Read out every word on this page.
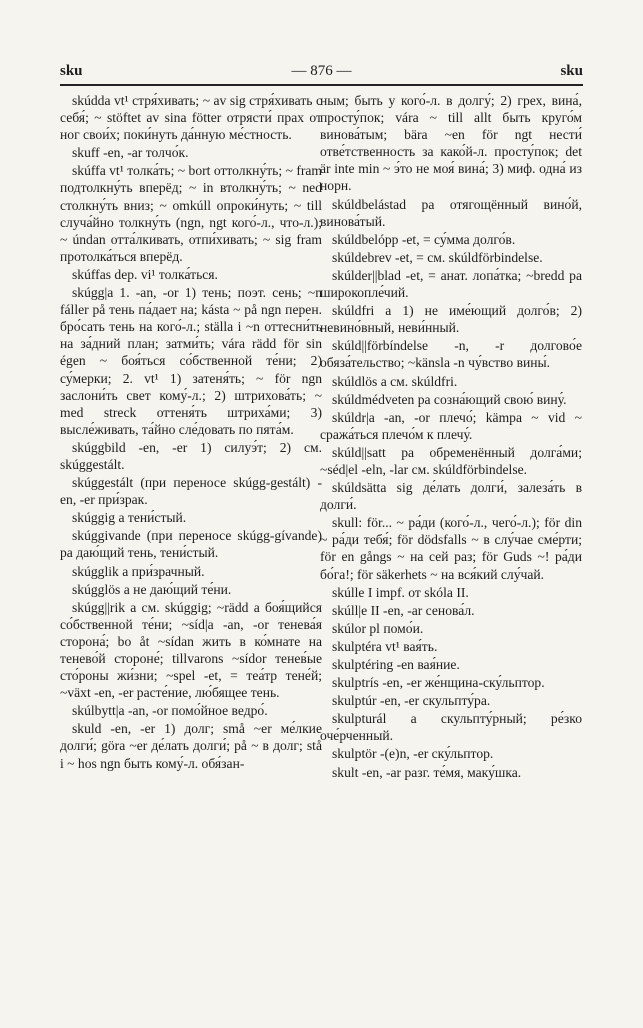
sku	— 876 —	sku

skúdda vt¹ стря́хивать; ~ av sig стря́хивать с себя́; ~ stöftet av sina fötter отрясти́ прах от ног свои́х; поки́нуть да́нную ме́стность.

skuff -en, -ar толчо́к.

skúffa vt¹ толка́ть; ~ bort оттолкну́ть; ~ fram подтолкну́ть вперёд; ~ in втолкну́ть; ~ ned столкну́ть вниз; ~ omkúll опроки́нуть; ~ till случа́йно толкну́ть (ngn, ngt кого́-л., что-л.); ~ úndan отта́лкивать, отпи́хивать; ~ sig fram протолка́ться вперёд.

skúffas dep. vi¹ толка́ться.

skúgg|a 1. -an, -or 1) тень; поэт. сень; ~n fáller på тень па́дает на; kásta ~ på ngn перен. бро́сать тень на кого́-л.; ställa i ~n оттесни́ть на за́дний план; затми́ть; vára rädd för sin égen ~ боя́ться со́бственной те́ни; 2) су́мерки; 2. vt¹ 1) затеня́ть; ~ för ngn заслони́ть свет кому́-л.; 2) штрихова́ть; ~ med streck оттеня́ть штриха́ми; 3) высле́живать, та́йно сле́довать по пята́м.

skúggbild -en, -er 1) силуэ́т; 2) см. skúggestált.

skúggestált (при переносе skúgg-gestált) -en, -er при́зрак.

skúggig a тени́стый.

skúggivande (при переносе skúgg-gívande) pa даю́щий тень, тени́стый.

skúgglik a при́зрачный.

skúgglös a не даю́щий те́ни.

skúgg||rik a см. skúggig; ~rädd a боя́щийся со́бственной те́ни; ~síd|a -an, -or тенева́я сторона́; bo åt ~sídan жить в ко́мнате на тенево́й стороне́; tillvarons ~sídor тенев́ые сто́роны жи́зни; ~spel -et, = теа́тр тене́й; ~växt -en, -er расте́ние, лю́бящее тень.

skúlbytt|a -an, -or помо́йное ведро́.

skuld -en, -er 1) долг; små ~er ме́лкие долги́; göra ~er де́лать долги́; på ~ в долг; stå i ~ hos ngn быть кому́-л. обя́зан-

ным; быть у кого́-л. в долгу́; 2) грех, вина́, просту́пок; vára ~ till allt быть круго́м винова́тым; bära ~en för ngt нести́ отве́тственность за како́й-л. просту́пок; det är inte min ~ э́то не моя́ вина́; 3) миф. одна́ из норн.

skúldbelástad pa отягощённый вино́й, винова́тый.

skúldbelópp -et, = су́мма долго́в.

skúldebrev -et, = см. skúldförbindelse.

skúlder||blad -et, = анат. лопа́тка; ~bredd pa широкопле́чий.

skúldfri a 1) не име́ющий долго́в; 2) невино́вный, неви́нный.

skúld||förbíndelse -n, -r долгово́е обяза́тельство; ~känsla -n чу́вство вины́.

skúldlös a см. skúldfri.

skúldmédveten pa созна́ющий свою́ вину́.

skúldr|a -an, -or плечо́; kämpa ~ vid ~ сража́ться плечо́м к плечу́.

skúld||satt pa обременённый долга́ми; ~séd|el -eln, -lar см. skúldförbindelse.

skúldsätta sig де́лать долги́, залеза́ть в долги́.

skull: för... ~ ра́ди (кого́-л., чего́-л.); för din ~ ра́ди тебя́; för dödsfalls ~ в слу́чае сме́рти; för en gångs ~ на сей раз; för Guds ~! ра́ди бо́га!; för säkerhets ~ на вся́кий слу́чай.

skúlle I impf. от skóla II.

skúll|e II -en, -ar сенова́л.

skúlor pl помо́и.

skulptéra vt¹ вая́ть.

skulptéring -en вая́ние.

skulptrís -en, -er же́нщина-ску́льптор.

skulptúr -en, -er скульпту́ра.

skulpturál a скульпту́рный; ре́зко оче́рченный.

skulptör -(e)n, -er ску́льптор.

skult -en, -ar разг. те́мя, маку́шка.
